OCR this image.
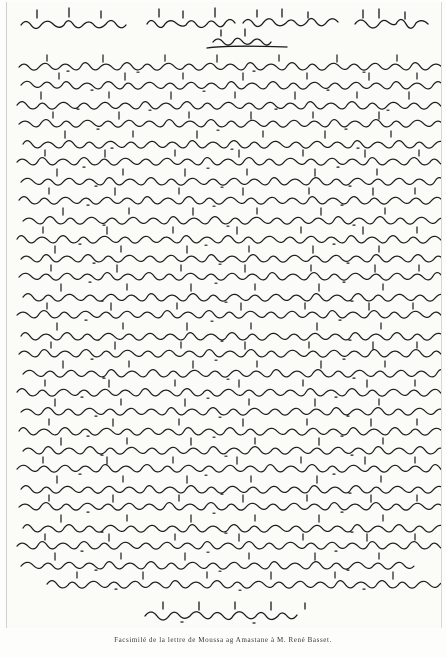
Facsimilé de la lettre de Moussa ag Amastane à M. René Basset.
